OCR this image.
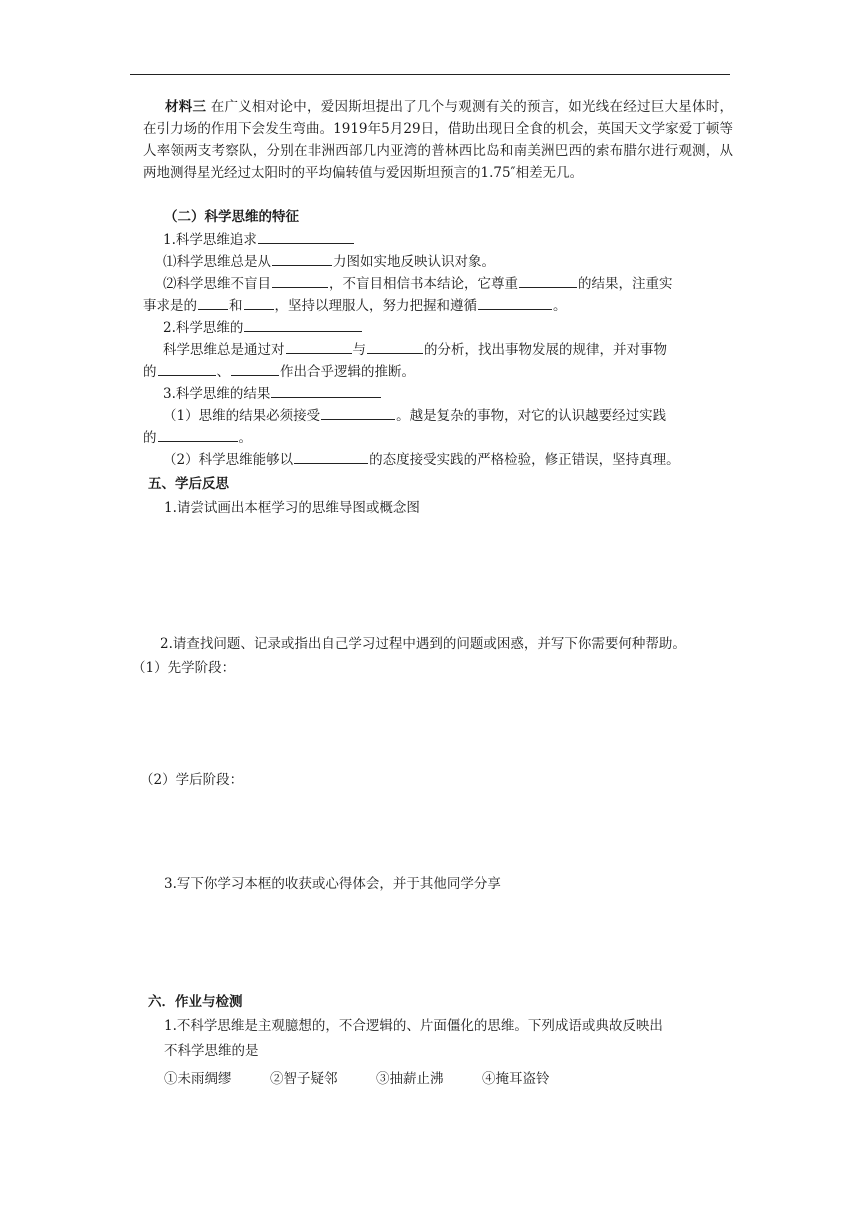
材料三 在广义相对论中，爱因斯坦提出了几个与观测有关的预言，如光线在经过巨大星体时，在引力场的作用下会发生弯曲。1919年5月29日，借助出现日全食的机会，英国天文学家爱丁顿等人率领两支考察队，分别在非洲西部几内亚湾的普林西比岛和南美洲巴西的索布腊尔进行观测，从两地测得星光经过太阳时的平均偏转值与爱因斯坦预言的1.75″相差无几。
（二）科学思维的特征
1.科学思维追求
⑴科学思维总是从	力图如实地反映认识对象。
⑵科学思维不盲目	，不盲目相信书本结论，它尊重	的结果，注重实
事求是的 和 ，坚持以理服人，努力把握和遵循	。
2.科学思维的
科学思维总是通过对	与	的分析，找出事物发展的规律，并对事物
的	、	作出合乎逻辑的推断。
3.科学思维的结果
（1）思维的结果必须接受	。越是复杂的事物，对它的认识越要经过实践
的	。
（2）科学思维能够以	的态度接受实践的严格检验，修正错误，坚持真理。
五、学后反思
1.请尝试画出本框学习的思维导图或概念图
2.请查找问题、记录或指出自己学习过程中遇到的问题或困惑，并写下你需要何种帮助。
（1）先学阶段：
（2）学后阶段：
3.写下你学习本框的收获或心得体会，并于其他同学分享
六．作业与检测
1.不科学思维是主观臆想的，不合逻辑的、片面僵化的思维。下列成语或典故反映出
不科学思维的是
①未雨绸缪	②智子疑邻	③抽薪止沸	④掩耳盗铃
